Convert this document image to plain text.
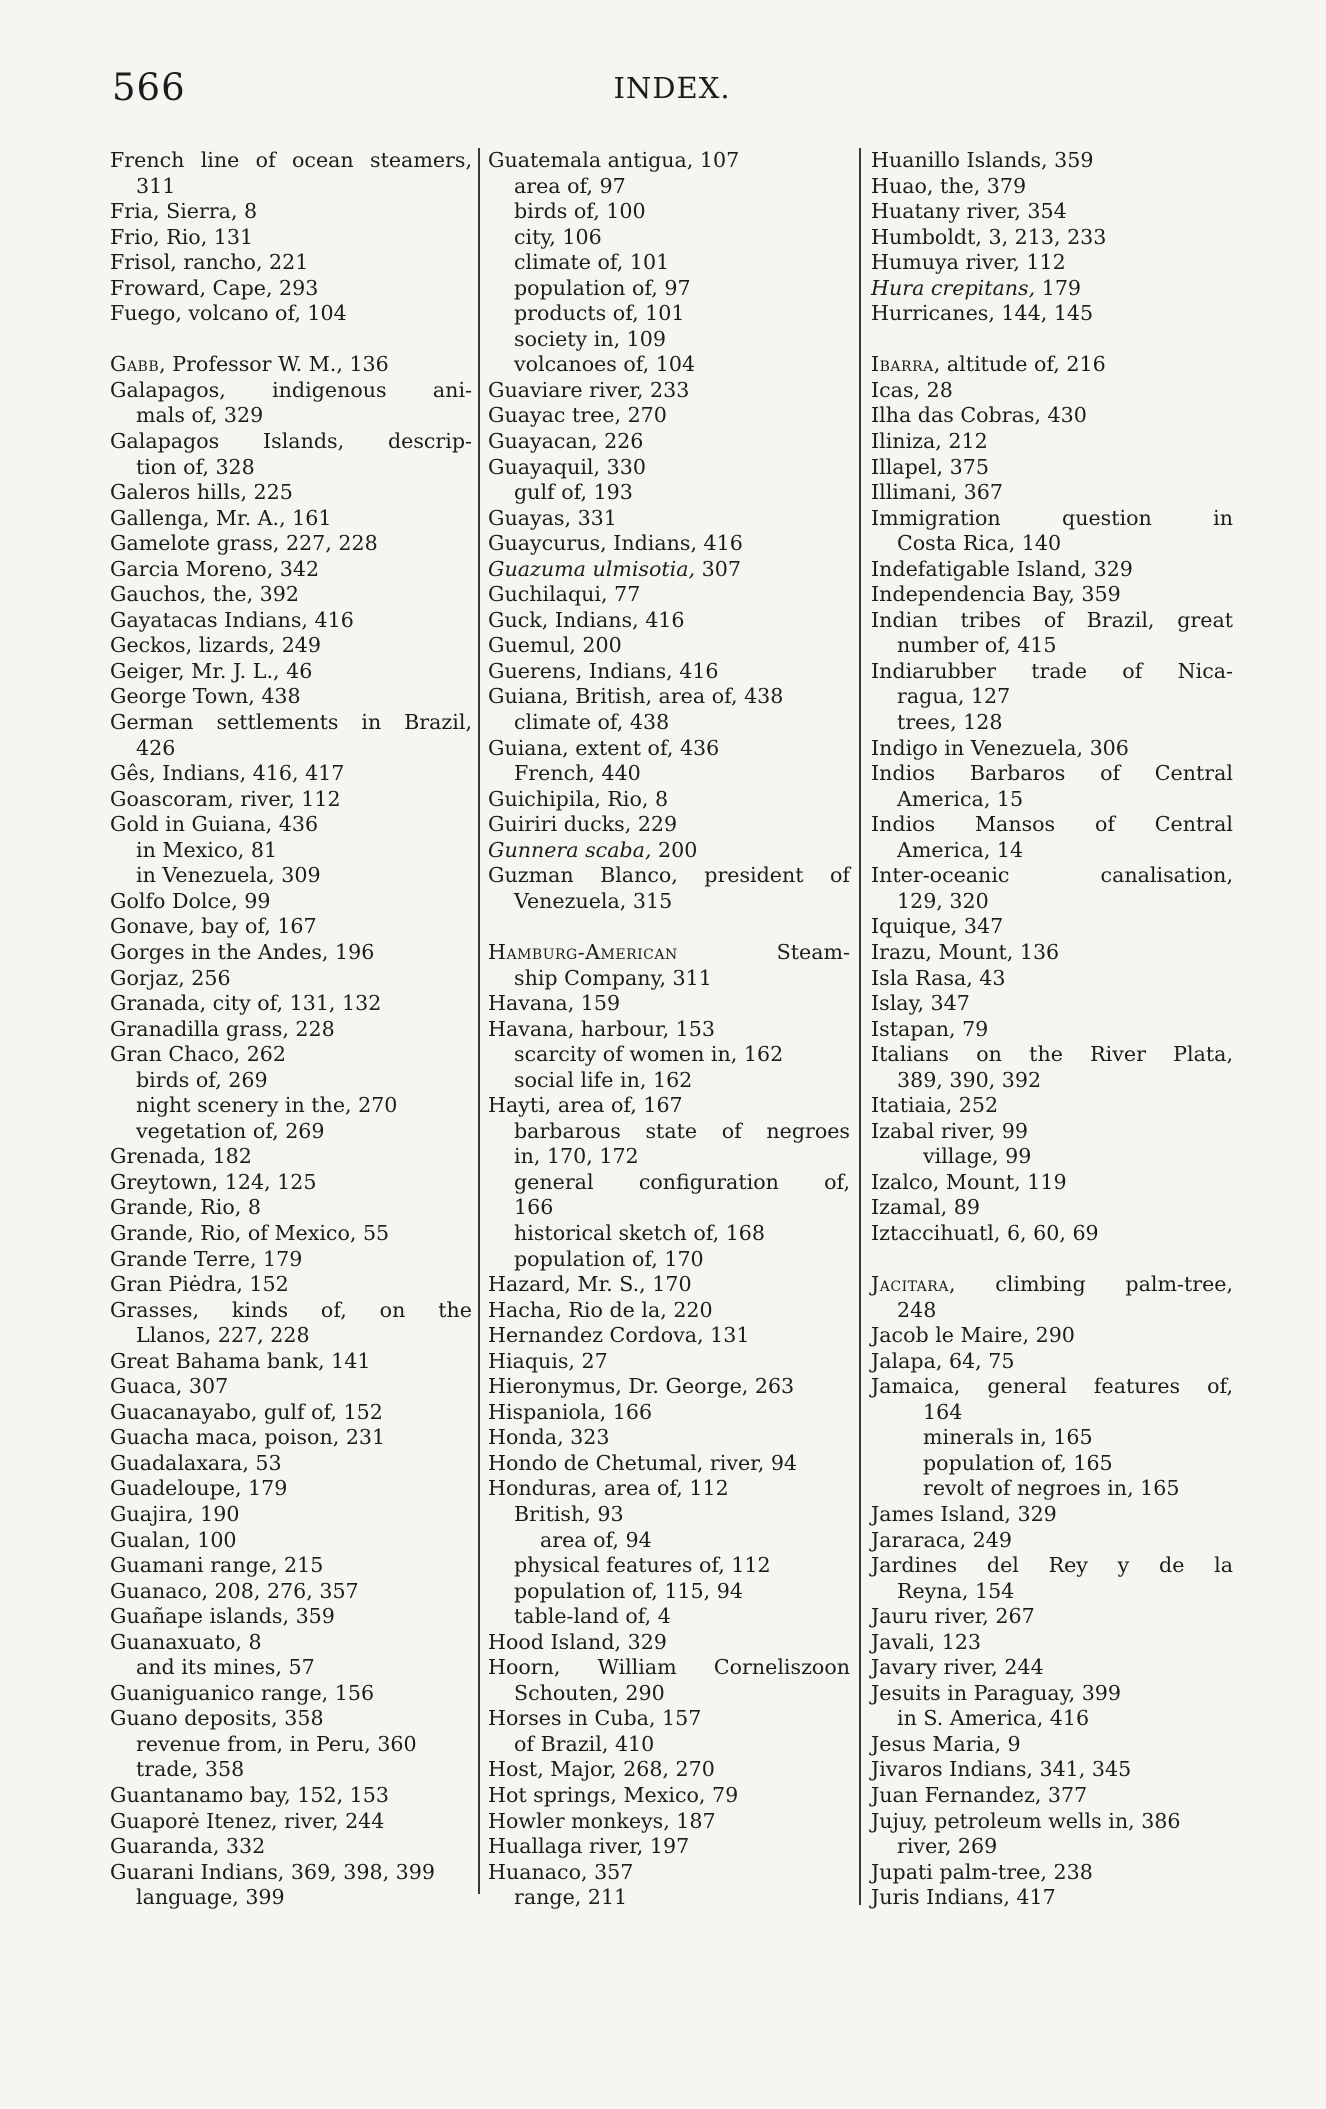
566	INDEX.
French line of ocean steamers,
311
Fria, Sierra, 8
Frio, Rio, 131
Frisol, rancho, 221
Froward, Cape, 293
Fuego, volcano of, 104
Gabb, Professor W. M., 136
Galapagos, indigenous ani-
mals of, 329
Galapagos Islands, descrip-
tion of, 328
Galeros hills, 225
Gallenga, Mr. A., 161
Gamelote grass, 227, 228
Garcia Moreno, 342
Gauchos, the, 392
Gayatacas Indians, 416
Geckos, lizards, 249
Geiger, Mr. J. L., 46
George Town, 438
German settlements in Brazil,
426
Gês, Indians, 416, 417
Goascoram, river, 112
Gold in Guiana, 436
in Mexico, 81
in Venezuela, 309
Golfo Dolce, 99
Gonave, bay of, 167
Gorges in the Andes, 196
Gorjaz, 256
Granada, city of, 131, 132
Granadilla grass, 228
Gran Chaco, 262
birds of, 269
night scenery in the, 270
vegetation of, 269
Grenada, 182
Greytown, 124, 125
Grande, Rio, 8
Grande, Rio, of Mexico, 55
Grande Terre, 179
Gran Piėdra, 152
Grasses, kinds of, on the
Llanos, 227, 228
Great Bahama bank, 141
Guaca, 307
Guacanayabo, gulf of, 152
Guacha maca, poison, 231
Guadalaxara, 53
Guadeloupe, 179
Guajira, 190
Gualan, 100
Guamani range, 215
Guanaco, 208, 276, 357
Guañape islands, 359
Guanaxuato, 8
and its mines, 57
Guaniguanico range, 156
Guano deposits, 358
revenue from, in Peru, 360
trade, 358
Guantanamo bay, 152, 153
Guaporė Itenez, river, 244
Guaranda, 332
Guarani Indians, 369, 398, 399
language, 399
Guatemala antigua, 107
area of, 97
birds of, 100
city, 106
climate of, 101
population of, 97
products of, 101
society in, 109
volcanoes of, 104
Guaviare river, 233
Guayac tree, 270
Guayacan, 226
Guayaquil, 330
gulf of, 193
Guayas, 331
Guaycurus, Indians, 416
Guazuma ulmisotia, 307
Guchilaqui, 77
Guck, Indians, 416
Guemul, 200
Guerens, Indians, 416
Guiana, British, area of, 438
climate of, 438
Guiana, extent of, 436
French, 440
Guichipila, Rio, 8
Guiriri ducks, 229
Gunnera scaba, 200
Guzman Blanco, president of
Venezuela, 315
Hamburg-American Steam-
ship Company, 311
Havana, 159
Havana, harbour, 153
scarcity of women in, 162
social life in, 162
Hayti, area of, 167
barbarous state of negroes
in, 170, 172
general configuration of,
166
historical sketch of, 168
population of, 170
Hazard, Mr. S., 170
Hacha, Rio de la, 220
Hernandez Cordova, 131
Hiaquis, 27
Hieronymus, Dr. George, 263
Hispaniola, 166
Honda, 323
Hondo de Chetumal, river, 94
Honduras, area of, 112
British, 93
area of, 94
physical features of, 112
population of, 115, 94
table-land of, 4
Hood Island, 329
Hoorn, William Corneliszoon
Schouten, 290
Horses in Cuba, 157
of Brazil, 410
Host, Major, 268, 270
Hot springs, Mexico, 79
Howler monkeys, 187
Huallaga river, 197
Huanaco, 357
range, 211
Huanillo Islands, 359
Huao, the, 379
Huatany river, 354
Humboldt, 3, 213, 233
Humuya river, 112
Hura crepitans, 179
Hurricanes, 144, 145
Ibarra, altitude of, 216
Icas, 28
Ilha das Cobras, 430
Iliniza, 212
Illapel, 375
Illimani, 367
Immigration question in
Costa Rica, 140
Indefatigable Island, 329
Independencia Bay, 359
Indian tribes of Brazil, great
number of, 415
Indiarubber trade of Nica-
ragua, 127
trees, 128
Indigo in Venezuela, 306
Indios Barbaros of Central
America, 15
Indios Mansos of Central
America, 14
Inter-oceanic canalisation,
129, 320
Iquique, 347
Irazu, Mount, 136
Isla Rasa, 43
Islay, 347
Istapan, 79
Italians on the River Plata,
389, 390, 392
Itatiaia, 252
Izabal river, 99
village, 99
Izalco, Mount, 119
Izamal, 89
Iztaccihuatl, 6, 60, 69
Jacitara, climbing palm-tree,
248
Jacob le Maire, 290
Jalapa, 64, 75
Jamaica, general features of,
164
minerals in, 165
population of, 165
revolt of negroes in, 165
James Island, 329
Jararaca, 249
Jardines del Rey y de la
Reyna, 154
Jauru river, 267
Javali, 123
Javary river, 244
Jesuits in Paraguay, 399
in S. America, 416
Jesus Maria, 9
Jivaros Indians, 341, 345
Juan Fernandez, 377
Jujuy, petroleum wells in, 386
river, 269
Jupati palm-tree, 238
Juris Indians, 417
